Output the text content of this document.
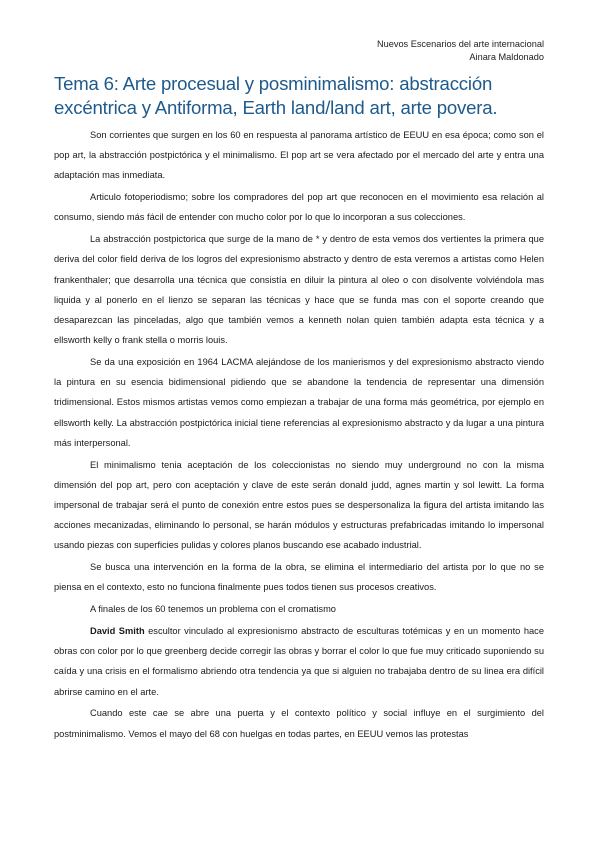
Nuevos Escenarios del arte internacional
Ainara Maldonado
Tema 6: Arte procesual y posminimalismo: abstracción excéntrica y Antiforma, Earth land/land art, arte povera.

Son corrientes que surgen en los 60 en respuesta al panorama artístico de EEUU en esa época; como son el pop art, la abstracción postpictórica y el minimalismo. El pop art se vera afectado por el mercado del arte y entra una adaptación mas inmediata.

Articulo fotoperiodismo; sobre los compradores del pop art que reconocen en el movimiento esa relación al consumo, siendo más fácil de entender con mucho color por lo que lo incorporan a sus colecciones.

La abstracción postpictorica que surge de la mano de * y dentro de esta vemos dos vertientes la primera que deriva del color field deriva de los logros del expresionismo abstracto y dentro de esta veremos a artistas como Helen frankenthaler; que desarrolla una técnica que consistía en diluir la pintura al oleo o con disolvente volviéndola mas liquida y al ponerlo en el lienzo se separan las técnicas y hace que se funda mas con el soporte creando que desaparezcan las pinceladas, algo que también vemos a kenneth nolan quien también adapta esta técnica y a ellsworth kelly o frank stella o morris louis.

Se da una exposición en 1964 LACMA alejándose de los manierismos y del expresionismo abstracto viendo la pintura en su esencia bidimensional pidiendo que se abandone la tendencia de representar una dimensión tridimensional. Estos mismos artistas vemos como empiezan a trabajar de una forma más geométrica, por ejemplo en ellsworth kelly. La abstracción postpictórica inicial tiene referencias al expresionismo abstracto y da lugar a una pintura más interpersonal.

El minimalismo tenia aceptación de los coleccionistas no siendo muy underground no con la misma dimensión del pop art, pero con aceptación y clave de este serán donald judd, agnes martin y sol lewitt. La forma impersonal de trabajar será el punto de conexión entre estos pues se despersonaliza la figura del artista imitando las acciones mecanizadas, eliminando lo personal, se harán módulos y estructuras prefabricadas imitando lo impersonal usando piezas con superficies pulidas y colores planos buscando ese acabado industrial.

Se busca una intervención en la forma de la obra, se elimina el intermediario del artista por lo que no se piensa en el contexto, esto no funciona finalmente pues todos tienen sus procesos creativos.

A finales de los 60 tenemos un problema con el cromatismo

David Smith escultor vinculado al expresionismo abstracto de esculturas totémicas y en un momento hace obras con color por lo que greenberg decide corregir las obras y borrar el color lo que fue muy criticado suponiendo su caída y una crisis en el formalismo abriendo otra tendencia ya que si alguien no trabajaba dentro de su linea era difícil abrirse camino en el arte.

Cuando este cae se abre una puerta y el contexto político y social influye en el surgimiento del postminimalismo. Vemos el mayo del 68 con huelgas en todas partes, en EEUU vemos las protestas
